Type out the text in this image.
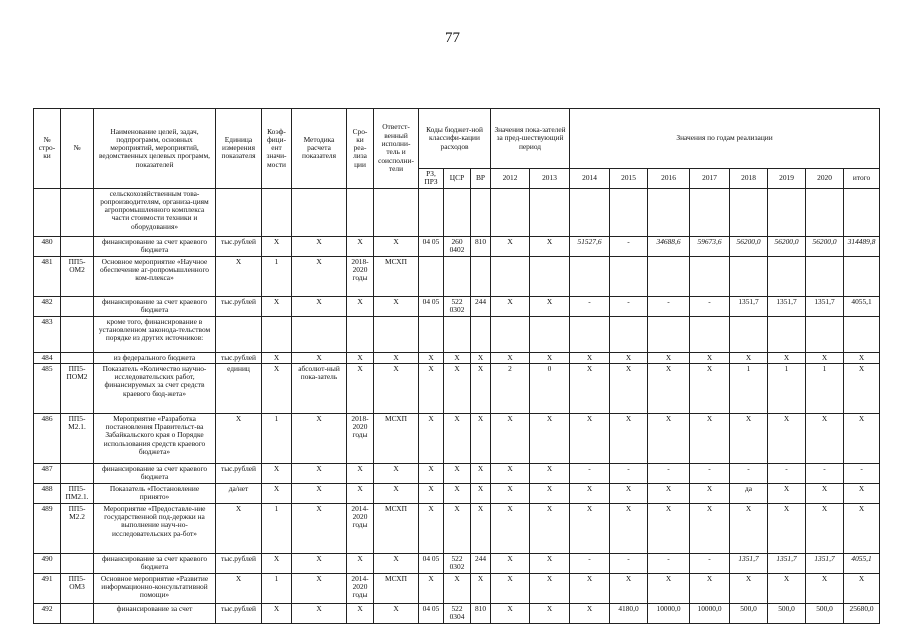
77
№ стро-ки	№	Наименование целей, задач, подпрограмм, основных мероприятий, мероприятий, ведомственных целевых программ, показателей	Единица измерения показателя	Коэф-фици-ент значи-мости	Методика расчета показателя	Сро-ки реа-лиза ции	Ответст-венный исполни-тель и соисполни-тели	Коды бюджет-ной классифи-кации расходов			Значения пока-зателей за пред-шествующий период		Значения по годам реализации							
								РЗ, ПРЗ	ЦСР	ВР	2012	2013	2014	2015	2016	2017	2018	2019	2020	итого
		сельскохозяйственным това-ропроизводителям, организа-циям агропромышленного комплекса части стоимости техники и оборудования»																		
480		финансирование за счет краевого бюджета	тыс.рублей	X	X	X	X	04 05	260 0402	810	X	X	51527,6	-	34688,6	59673,6	56200,0	56200,0	56200,0	314489,8
481	ПП5-ОМ2	Основное мероприятие «Научное обеспечение аг-ропромышленного ком-плекса»	X	1	X	2018-2020 годы	МСХП													
482		финансирование за счет краевого бюджета	тыс.рублей	X	X	X	X	04 05	522 0302	244	X	X	-	-	-	-	1351,7	1351,7	1351,7	4055,1
483		кроме того, финансирование в установленном законода-тельством порядке из других источников:																		
484		из федерального бюджета	тыс.рублей	X	X	X	X	X	X	X	X	X	X	X	X	X	X	X	X	X
485	ПП5-ПОМ2	Показатель «Количество научно-исследовательских работ, финансируемых за счет средств краевого бюд-жета»	единиц	X	абсолют-ный пока-затель	X	X	X	X	X	2	0	X	X	X	X	1	1	1	X
486	ПП5-М2.1.	Мероприятие «Разработка постановления Правительст-ва Забайкальского края о Порядке использования средств краевого бюджета»	X	1	X	2018-2020 годы	МСХП	X	X	X	X	X	X	X	X	X	X	X	X	X
487		финансирование за счет краевого бюджета	тыс.рублей	X	X	X	X	X	X	X	X	X	-	-	-	-	-	-	-	-
488	ПП5-ПМ2.1.	Показатель «Постановление принято»	да/нет	X	X	X	X	X	X	X	X	X	X	X	X	X	да	X	X	X
489	ПП5-М2.2	Мероприятие «Предоставле-ние государственной под-держки на выполнение науч-но-исследовательских ра-бот»	X	1	X	2014-2020 годы	МСХП	X	X	X	X	X	X	X	X	X	X	X	X	X
490		финансирование за счет краевого бюджета	тыс.рублей	X	X	X	X	04 05	522 0302	244	X	X	-	-	-	-	1351,7	1351,7	1351,7	4055,1
491	ПП5-ОМ3	Основное мероприятие «Развитие информационно-консультативной помощи»	X	1	X	2014-2020 годы	МСХП	X	X	X	X	X	X	X	X	X	X	X	X	X
492		финансирование за счет	тыс.рублей	X	X	X	X	04 05	522 0304	810	X	X	X	4180,0	10000,0	10000,0	500,0	500,0	500,0	25680,0
